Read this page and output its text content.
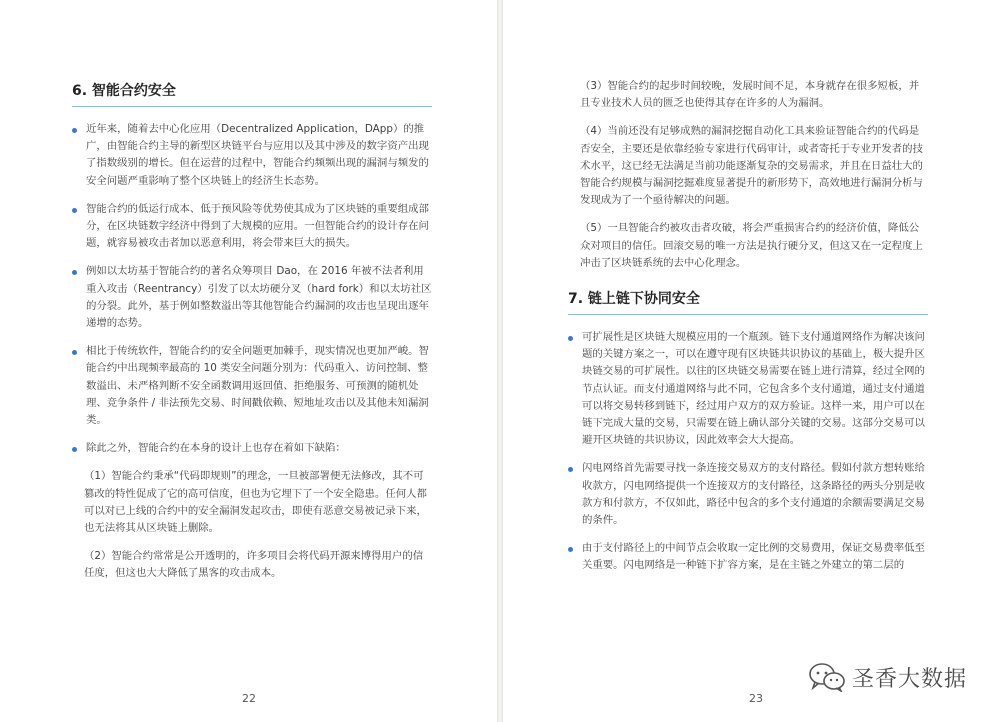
6. 智能合约安全
近年来，随着去中心化应用（Decentralized Application，DApp）的推广，由智能合约主导的新型区块链平台与应用以及其中涉及的数字资产出现了指数级别的增长。但在运营的过程中，智能合约频频出现的漏洞与频发的安全问题严重影响了整个区块链上的经济生长态势。
智能合约的低运行成本、低于预风险等优势使其成为了区块链的重要组成部分，在区块链数字经济中得到了大规模的应用。一但智能合约的设计存在问题，就容易被攻击者加以恶意利用，将会带来巨大的损失。
例如以太坊基于智能合约的著名众筹项目 Dao，在 2016 年被不法者利用重入攻击（Reentrancy）引发了以太坊硬分叉（hard fork）和以太坊社区的分裂。此外，基于例如整数溢出等其他智能合约漏洞的攻击也呈现出逐年递增的态势。
相比于传统软件，智能合约的安全问题更加棘手，现实情况也更加严峻。智能合约中出现频率最高的 10 类安全问题分别为：代码重入、访问控制、整数溢出、未严格判断不安全函数调用返回值、拒绝服务、可预测的随机处理、竞争条件 / 非法预先交易、时间戳依赖、短地址攻击以及其他未知漏洞类。
除此之外，智能合约在本身的设计上也存在着如下缺陷：

（1）智能合约秉承“代码即规则”的理念，一旦被部署便无法修改，其不可篡改的特性促成了它的高可信度，但也为它埋下了一个安全隐患。任何人都可以对已上线的合约中的安全漏洞发起攻击，即使有恶意交易被记录下来，也无法将其从区块链上删除。

（2）智能合约常常是公开透明的，许多项目会将代码开源来博得用户的信任度，但这也大大降低了黑客的攻击成本。

22

（3）智能合约的起步时间较晚，发展时间不足，本身就存在很多短板，并且专业技术人员的匮乏也使得其存在许多的人为漏洞。

（4）当前还没有足够成熟的漏洞挖掘自动化工具来验证智能合约的代码是否安全，主要还是依靠经验专家进行代码审计，或者寄托于专业开发者的技术水平，这已经无法满足当前功能逐渐复杂的交易需求，并且在日益壮大的智能合约规模与漏洞挖掘难度显著提升的新形势下，高效地进行漏洞分析与发现成为了一个亟待解决的问题。

（5）一旦智能合约被攻击者攻破，将会严重损害合约的经济价值，降低公众对项目的信任。回滚交易的唯一方法是执行硬分叉，但这又在一定程度上冲击了区块链系统的去中心化理念。

7. 链上链下协同安全
可扩展性是区块链大规模应用的一个瓶颈。链下支付通道网络作为解决该问题的关键方案之一，可以在遵守现有区块链共识协议的基础上，极大提升区块链交易的可扩展性。以往的区块链交易需要在链上进行清算，经过全网的节点认证。而支付通道网络与此不同，它包含多个支付通道，通过支付通道可以将交易转移到链下，经过用户双方的双方验证。这样一来，用户可以在链下完成大量的交易，只需要在链上确认部分关键的交易。这部分交易可以避开区块链的共识协议，因此效率会大大提高。
闪电网络首先需要寻找一条连接交易双方的支付路径。假如付款方想转账给收款方，闪电网络提供一个连接双方的支付路径，这条路径的两头分别是收款方和付款方，不仅如此，路径中包含的多个支付通道的余额需要满足交易的条件。
由于支付路径上的中间节点会收取一定比例的交易费用，保证交易费率低至关重要。闪电网络是一种链下扩容方案，是在主链之外建立的第二层的
23
圣香大数据
